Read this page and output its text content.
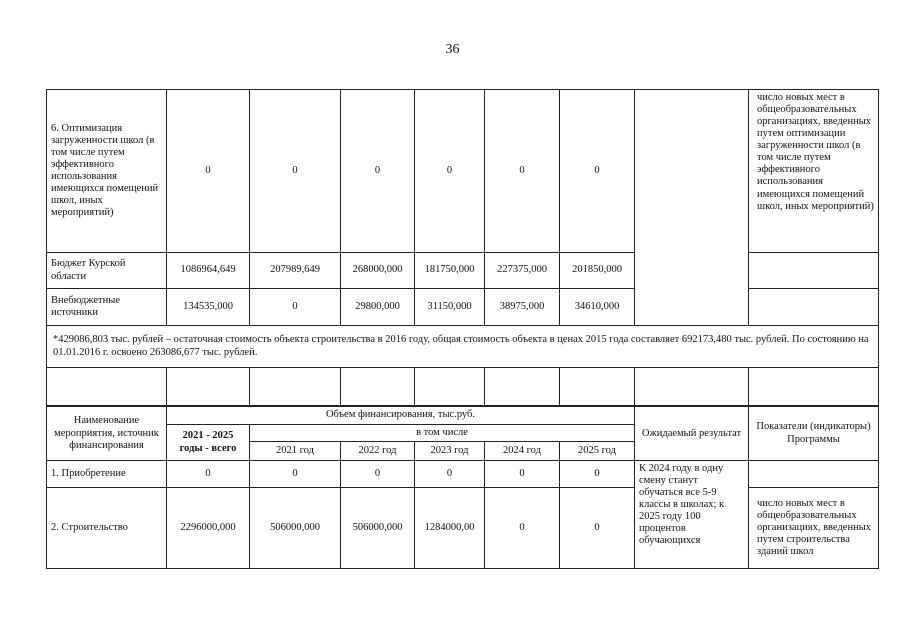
36
6. Оптимизация загруженности школ (в том числе путем эффективного использования имеющихся помещений школ, иных мероприятий)	0	0	0	0	0	0		число новых мест в общеобразовательных организациях, введенных путем оптимизации загруженности школ (в том числе путем эффективного использования имеющихся помещений школ, иных мероприятий)
Бюджет Курской области	1086964,649	207989,649	268000,000	181750,000	227375,000	201850,000		
Внебюджетные источники	134535,000	0	29800,000	31150,000	38975,000	34610,000		
*429086,803 тыс. рублей – остаточная стоимость объекта строительства в 2016 году, общая стоимость объекта в ценах 2015 года составляет 692173,480 тыс. рублей. По состоянию на 01.01.2016 г. освоено 263086,677 тыс. рублей.								

Наименование мероприятия, источник финансирования	Объем финансирования, тыс.руб.						Ожидаемый результат	Показатели (индикаторы) Программы
	2021 - 2025 годы - всего	в том числе						
		2021 год	2022 год	2023 год	2024 год	2025 год		
1. Приобретение	0	0	0	0	0	0	К 2024 году в одну смену станут обучаться все 5-9 классы в школах; к 2025 году 100 процентов обучающихся	
2. Строительство	2296000,000	506000,000	506000,000	1284000,00	0	0		число новых мест в общеобразовательных организациях, введенных путем строительства зданий школ
